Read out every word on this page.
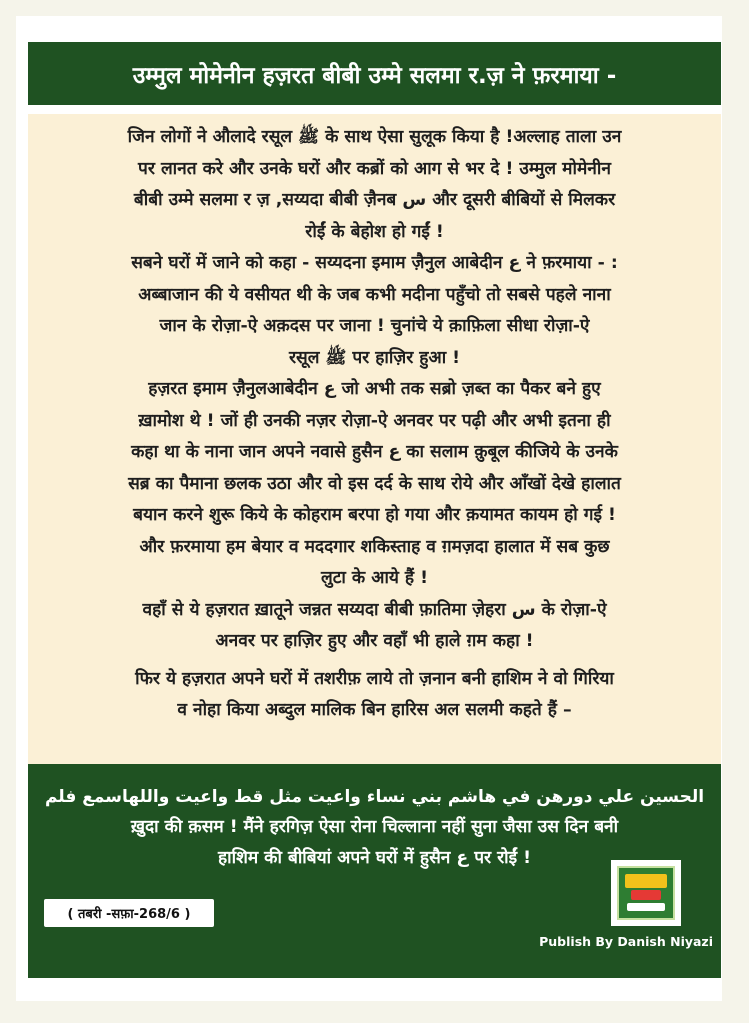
उम्मुल मोमेनीन हज़रत बीबी उम्मे सलमा र.ज़ ने फ़रमाया -

जिन लोगों ने औलादे रसूल ﷺ के साथ ऐसा सुलूक किया है !अल्लाह ताला उन

पर लानत करे और उनके घरों और कब्रों को आग से भर दे ! उम्मुल मोमेनीन

बीबी उम्मे सलमा र ज़ ,सय्यदा बीबी ज़ैनब س और दूसरी बीबियों से मिलकर

रोईं के बेहोश हो गईं !

सबने घरों में जाने को कहा - सय्यदना इमाम ज़ैनुल आबेदीन ع ने फ़रमाया - :

अब्बाजान की ये वसीयत थी के जब कभी मदीना पहुँचो तो सबसे पहले नाना

जान के रोज़ा-ऐ अक़दस पर जाना ! चुनांचे ये क़ाफ़िला सीधा रोज़ा-ऐ

रसूल ﷺ पर हाज़िर हुआ !

हज़रत इमाम ज़ैनुलआबेदीन ع जो अभी तक सब्रो ज़ब्त का पैकर बने हुए

ख़ामोश थे ! जों ही उनकी नज़र रोज़ा-ऐ अनवर पर पढ़ी और अभी इतना ही

कहा था के नाना जान अपने नवासे हुसैन ع का सलाम क़ुबूल कीजिये के उनके

सब्र का पैमाना छलक उठा और वो इस दर्द के साथ रोये और आँखों देखे हालात

बयान करने शुरू किये के कोहराम बरपा हो गया और क़यामत कायम हो गई !

और फ़रमाया हम बेयार व मददगार शकिस्ताह व ग़मज़दा हालात में सब कुछ

लुटा के आये हैं !

वहाँ से ये हज़रात ख़ातूने जन्नत सय्यदा बीबी फ़ातिमा ज़ेहरा س के रोज़ा-ऐ

अनवर पर हाज़िर हुए और वहाँ भी हाले ग़म कहा !

फिर ये हज़रात अपने घरों में तशरीफ़ लाये तो ज़नान बनी हाशिम ने वो गिरिया

व नोहा किया अब्दुल मालिक बिन हारिस अल सलमी कहते हैं –

الحسين علي دورهن في هاشم بني نساء واعيت مثل قط واعيت واللهاسمع فلم

ख़ुदा की क़सम ! मैंने हरगिज़ ऐसा रोना चिल्लाना नहीं सुना जैसा उस दिन बनी

हाशिम की बीबियां अपने घरों में हुसैन ع पर रोईं !

( तबरी -सफ़ा-268/6 )
Publish By Danish Niyazi
